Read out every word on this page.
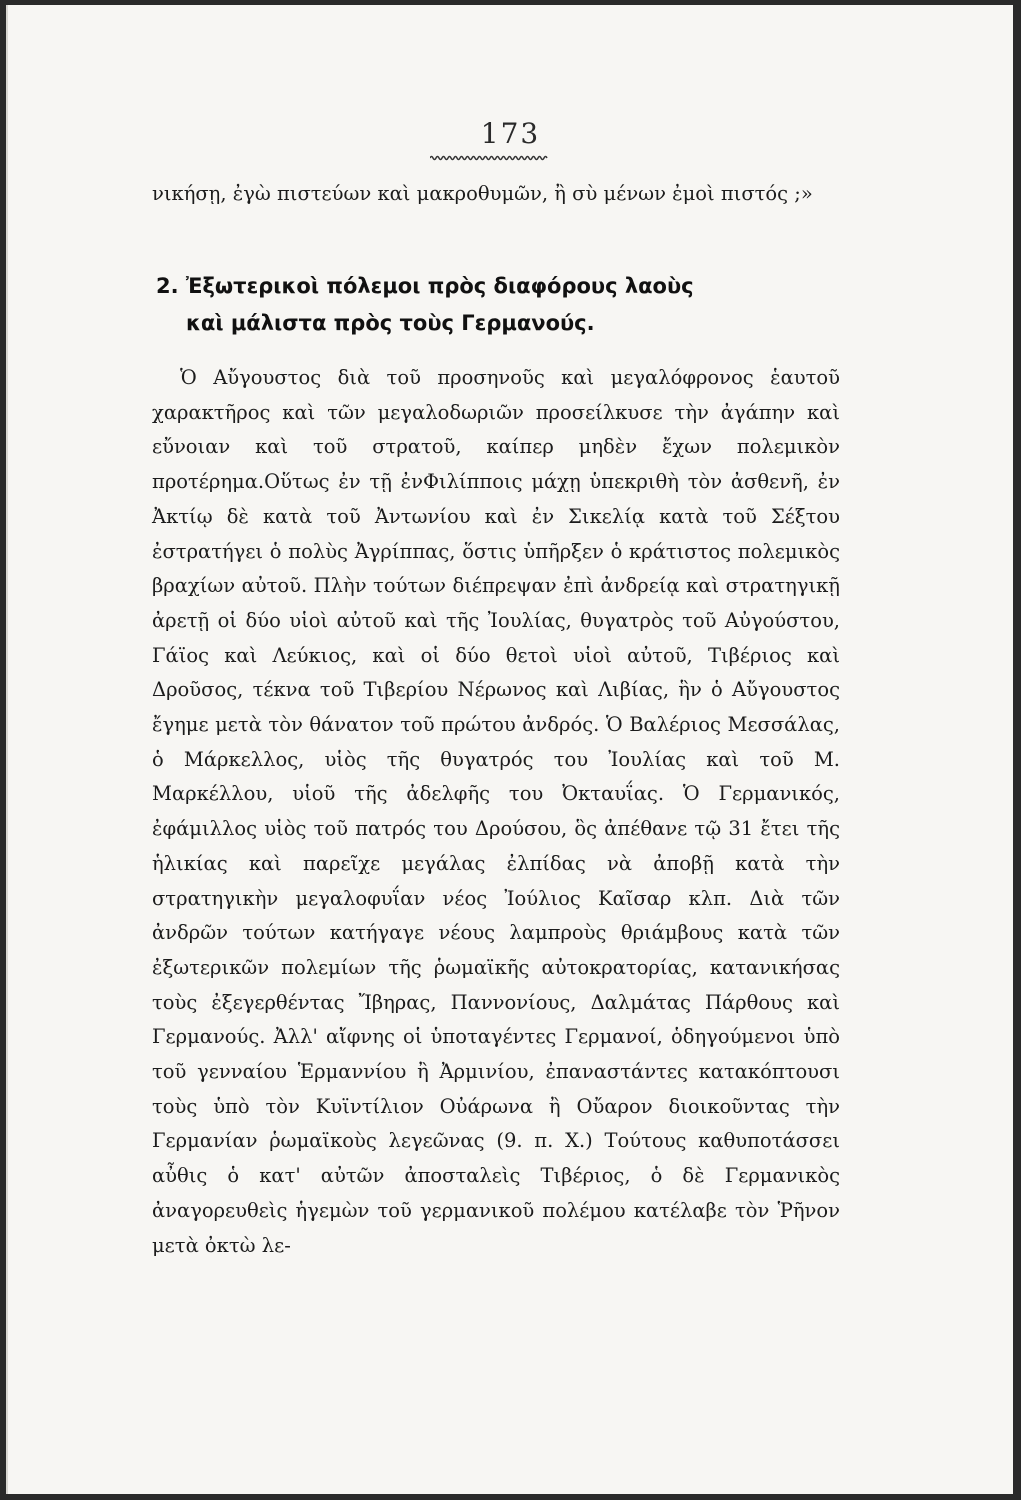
173

νικήσῃ, ἐγὼ πιστεύων καὶ μακροθυμῶν, ἢ σὺ μένων ἐμοὶ πιστός ;»

2. Ἐξωτερικοὶ πόλεμοι πρὸς διαφόρους λαοὺς
καὶ μάλιστα πρὸς τοὺς Γερμανούς.

Ὁ Αὔγουστος διὰ τοῦ προσηνοῦς καὶ μεγαλόφρονος ἑαυτοῦ χαρακτῆρος καὶ τῶν μεγαλοδωριῶν προσείλκυσε τὴν ἀγάπην καὶ εὔνοιαν καὶ τοῦ στρατοῦ, καίπερ μηδὲν ἔχων πολεμικὸν προτέρημα.Οὕτως ἐν τῇ ἐνΦιλίπποις μάχῃ ὑπεκριθὴ τὸν ἀσθενῆ, ἐν Ἀκτίῳ δὲ κατὰ τοῦ Ἀντωνίου καὶ ἐν Σικελίᾳ κατὰ τοῦ Σέξτου ἐστρατήγει ὁ πολὺς Ἀγρίππας, ὅστις ὑπῆρξεν ὁ κράτιστος πολεμικὸς βραχίων αὐτοῦ. Πλὴν τούτων διέπρεψαν ἐπὶ ἀνδρείᾳ καὶ στρατηγικῇ ἀρετῇ οἱ δύο υἱοὶ αὐτοῦ καὶ τῆς Ἰουλίας, θυγατρὸς τοῦ Αὐγούστου, Γάϊος καὶ Λεύκιος, καὶ οἱ δύο θετοὶ υἱοὶ αὐτοῦ, Τιβέριος καὶ Δροῦσος, τέκνα τοῦ Τιβερίου Νέρωνος καὶ Λιβίας, ἣν ὁ Αὔγουστος ἔγημε μετὰ τὸν θάνατον τοῦ πρώτου ἀνδρός. Ὁ Βαλέριος Μεσσάλας, ὁ Μάρκελλος, υἱὸς τῆς θυγατρός του Ἰουλίας καὶ τοῦ Μ. Μαρκέλλου, υἱοῦ τῆς ἀδελφῆς του Ὀκταυΐας. Ὁ Γερμανικός, ἐφάμιλλος υἱὸς τοῦ πατρός του Δρούσου, ὃς ἀπέθανε τῷ 31 ἔτει τῆς ἡλικίας καὶ παρεῖχε μεγάλας ἐλπίδας νὰ ἀποβῇ κατὰ τὴν στρατηγικὴν μεγαλοφυΐαν νέος Ἰούλιος Καῖσαρ κλπ. Διὰ τῶν ἀνδρῶν τούτων κατήγαγε νέους λαμπροὺς θριάμβους κατὰ τῶν ἐξωτερικῶν πολεμίων τῆς ῥωμαϊκῆς αὐτοκρατορίας, κατανικήσας τοὺς ἐξεγερθέντας Ἴβηρας, Παννονίους, Δαλμάτας Πάρθους καὶ Γερμανούς. Ἀλλ' αἴφνης οἱ ὑποταγέντες Γερμανοί, ὁδηγούμενοι ὑπὸ τοῦ γενναίου Ἑρμαννίου ἢ Ἀρμινίου, ἐπαναστάντες κατακόπτουσι τοὺς ὑπὸ τὸν Κυϊντίλιον Οὐάρωνα ἢ Οὔαρον διοικοῦντας τὴν Γερμανίαν ῥωμαϊκοὺς λεγεῶνας (9. π. Χ.) Τούτους καθυποτάσσει αὖθις ὁ κατ' αὐτῶν ἀποσταλεὶς Τιβέριος, ὁ δὲ Γερμανικὸς ἀναγορευθεὶς ἡγεμὼν τοῦ γερμανικοῦ πολέμου κατέλαβε τὸν Ῥῆνον μετὰ ὀκτὼ λε-
